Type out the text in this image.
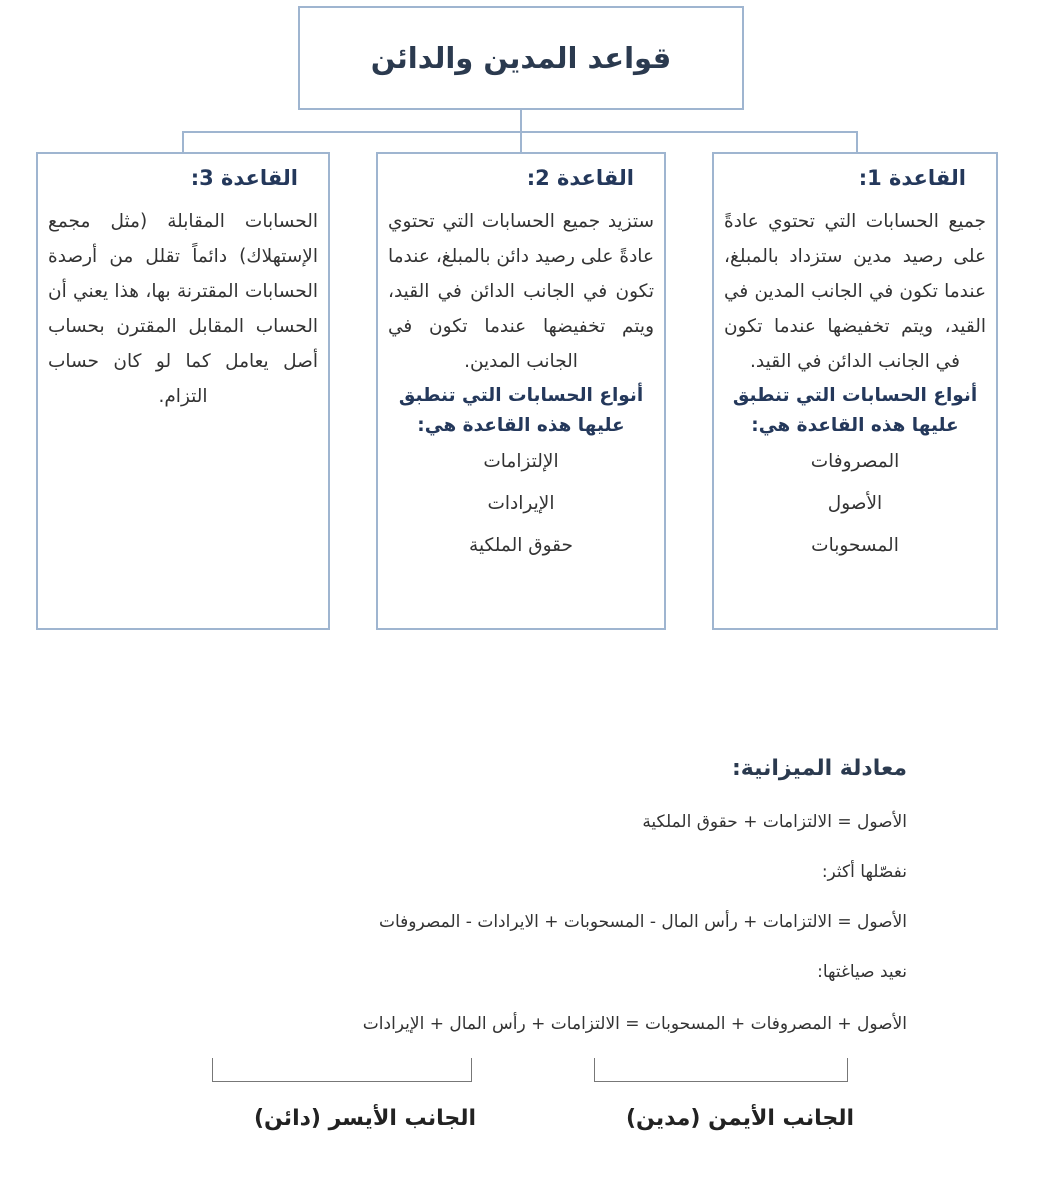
قواعد المدين والدائن
القاعدة 1:
جميع الحسابات التي تحتوي عادةً على رصيد مدين ستزداد بالمبلغ، عندما تكون في الجانب المدين في القيد، ويتم تخفيضها عندما تكون في الجانب الدائن في القيد.
أنواع الحسابات التي تنطبق عليها هذه القاعدة هي:
المصروفات
الأصول
المسحوبات
القاعدة 2:
ستزيد جميع الحسابات التي تحتوي عادةً على رصيد دائن بالمبلغ، عندما تكون في الجانب الدائن في القيد، ويتم تخفيضها عندما تكون في الجانب المدين.
أنواع الحسابات التي تنطبق عليها هذه القاعدة هي:
الإلتزامات
الإيرادات
حقوق الملكية
القاعدة 3:
الحسابات المقابلة (مثل مجمع الإستهلاك) دائماً تقلل من أرصدة الحسابات المقترنة بها، هذا يعني أن الحساب المقابل المقترن بحساب أصل يعامل كما لو كان حساب التزام.
معادلة الميزانية:
الأصول = الالتزامات + حقوق الملكية
نفصّلها أكثر:
الأصول = الالتزامات + رأس المال - المسحوبات + الايرادات - المصروفات
نعيد صياغتها:
الأصول + المصروفات + المسحوبات = الالتزامات + رأس المال + الإيرادات
الجانب الأيمن (مدين)
الجانب الأيسر (دائن)
